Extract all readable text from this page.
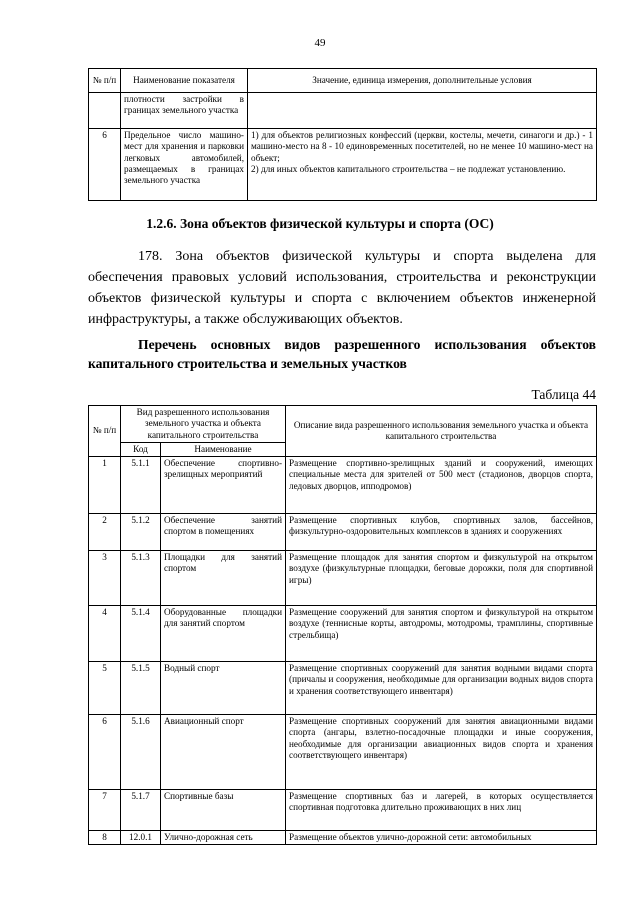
49
№ п/п	Наименование показателя	Значение, единица измерения, дополнительные условия
	плотности застройки в границах земельного участка	
6	Предельное число машино-мест для хранения и парковки легковых автомобилей, размещаемых в границах земельного участка	1) для объектов религиозных конфессий (церкви, костелы, мечети, синагоги и др.) - 1 машино-место на 8 - 10 единовременных посетителей, но не менее 10 машино-мест на объект;
2) для иных объектов капитального строительства – не подлежат установлению.
1.2.6. Зона объектов физической культуры и спорта (ОС)
178. Зона объектов физической культуры и спорта выделена для обеспечения правовых условий использования, строительства и реконструкции объектов физической культуры и спорта с включением объектов инженерной инфраструктуры, а также обслуживающих объектов.
Перечень основных видов разрешенного использования объектов капитального строительства и земельных участков
Таблица 44
№ п/п	Вид разрешенного использования земельного участка и объекта капитального строительства		Описание вида разрешенного использования земельного участка и объекта капитального строительства
	Код	Наименование	
1	5.1.1	Обеспечение спортивно-зрелищных мероприятий	Размещение спортивно-зрелищных зданий и сооружений, имеющих специальные места для зрителей от 500 мест (стадионов, дворцов спорта, ледовых дворцов, ипподромов)
2	5.1.2	Обеспечение занятий спортом в помещениях	Размещение спортивных клубов, спортивных залов, бассейнов, физкультурно-оздоровительных комплексов в зданиях и сооружениях
3	5.1.3	Площадки для занятий спортом	Размещение площадок для занятия спортом и физкультурой на открытом воздухе (физкультурные площадки, беговые дорожки, поля для спортивной игры)
4	5.1.4	Оборудованные площадки для занятий спортом	Размещение сооружений для занятия спортом и физкультурой на открытом воздухе (теннисные корты, автодромы, мотодромы, трамплины, спортивные стрельбища)
5	5.1.5	Водный спорт	Размещение спортивных сооружений для занятия водными видами спорта (причалы и сооружения, необходимые для организации водных видов спорта и хранения соответствующего инвентаря)
6	5.1.6	Авиационный спорт	Размещение спортивных сооружений для занятия авиационными видами спорта (ангары, взлетно-посадочные площадки и иные сооружения, необходимые для организации авиационных видов спорта и хранения соответствующего инвентаря)
7	5.1.7	Спортивные базы	Размещение спортивных баз и лагерей, в которых осуществляется спортивная подготовка длительно проживающих в них лиц
8	12.0.1	Улично-дорожная сеть	Размещение объектов улично-дорожной сети: автомобильных
